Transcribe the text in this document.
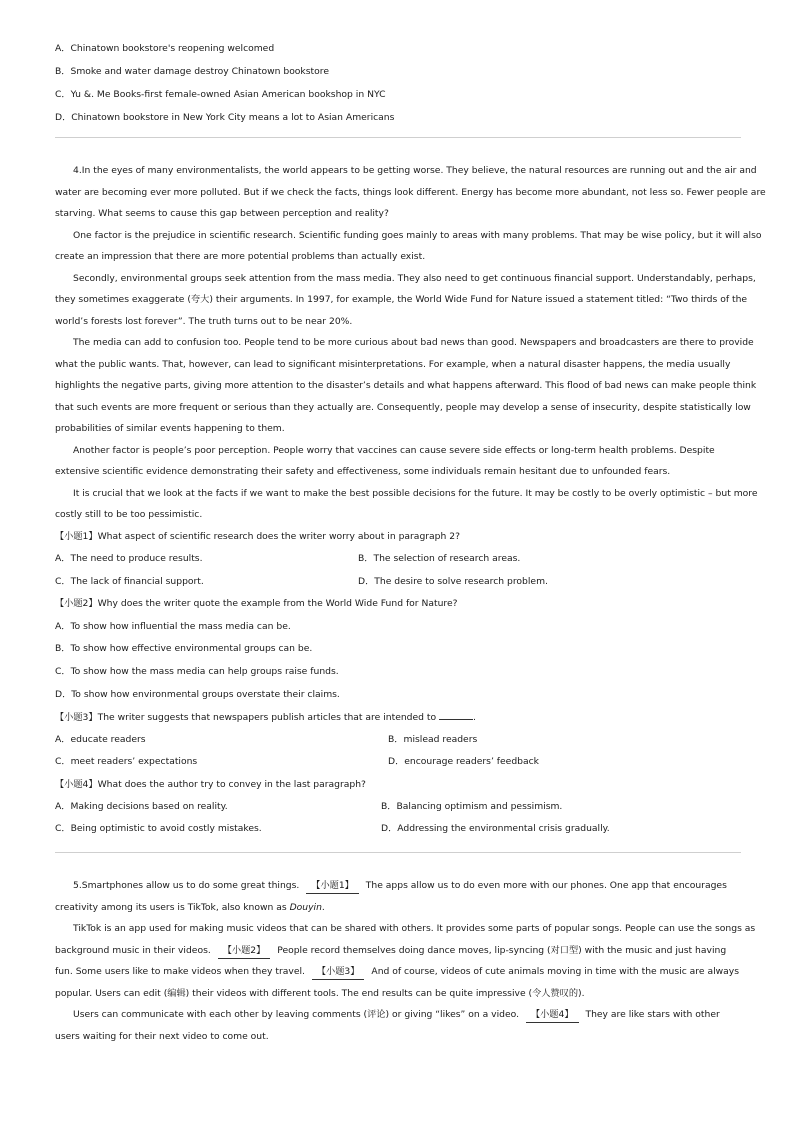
A．Chinatown bookstore's reopening welcomed
B．Smoke and water damage destroy Chinatown bookstore
C．Yu &. Me Books-first female-owned Asian American bookshop in NYC
D．Chinatown bookstore in New York City means a lot to Asian Americans
4.In the eyes of many environmentalists, the world appears to be getting worse. They believe, the natural resources are running out and the air and
water are becoming ever more polluted. But if we check the facts, things look different. Energy has become more abundant, not less so. Fewer people are
starving. What seems to cause this gap between perception and reality?
One factor is the prejudice in scientific research. Scientific funding goes mainly to areas with many problems. That may be wise policy, but it will also
create an impression that there are more potential problems than actually exist.
Secondly, environmental groups seek attention from the mass media. They also need to get continuous financial support. Understandably, perhaps,
they sometimes exaggerate (夸大) their arguments. In 1997, for example, the World Wide Fund for Nature issued a statement titled: “Two thirds of the
world’s forests lost forever”. The truth turns out to be near 20%.
The media can add to confusion too. People tend to be more curious about bad news than good. Newspapers and broadcasters are there to provide
what the public wants. That, however, can lead to significant misinterpretations. For example, when a natural disaster happens, the media usually
highlights the negative parts, giving more attention to the disaster’s details and what happens afterward. This flood of bad news can make people think
that such events are more frequent or serious than they actually are. Consequently, people may develop a sense of insecurity, despite statistically low
probabilities of similar events happening to them.
Another factor is people’s poor perception. People worry that vaccines can cause severe side effects or long-term health problems. Despite
extensive scientific evidence demonstrating their safety and effectiveness, some individuals remain hesitant due to unfounded fears.
It is crucial that we look at the facts if we want to make the best possible decisions for the future. It may be costly to be overly optimistic – but more
costly still to be too pessimistic.
【小题1】What aspect of scientific research does the writer worry about in paragraph 2?
A．The need to produce results.	B．The selection of research areas.
C．The lack of financial support.	D．The desire to solve research problem.
【小题2】Why does the writer quote the example from the World Wide Fund for Nature?
A．To show how influential the mass media can be.
B．To show how effective environmental groups can be.
C．To show how the mass media can help groups raise funds.
D．To show how environmental groups overstate their claims.
【小题3】The writer suggests that newspapers publish articles that are intended to	.
A．educate readers	B．mislead readers
C．meet readers’ expectations	D．encourage readers’ feedback
【小题4】What does the author try to convey in the last paragraph?
A．Making decisions based on reality.	B．Balancing optimism and pessimism.
C．Being optimistic to avoid costly mistakes.	D．Addressing the environmental crisis gradually.
5.Smartphones allow us to do some great things. 【小题1】 The apps allow us to do even more with our phones. One app that encourages
creativity among its users is TikTok, also known as Douyin.
TikTok is an app used for making music videos that can be shared with others. It provides some parts of popular songs. People can use the songs as
background music in their videos. 【小题2】 People record themselves doing dance moves, lip-syncing (对口型) with the music and just having
fun. Some users like to make videos when they travel. 【小题3】 And of course, videos of cute animals moving in time with the music are always
popular. Users can edit (编辑) their videos with different tools. The end results can be quite impressive (令人赞叹的).
Users can communicate with each other by leaving comments (评论) or giving “likes” on a video. 【小题4】 They are like stars with other
users waiting for their next video to come out.
